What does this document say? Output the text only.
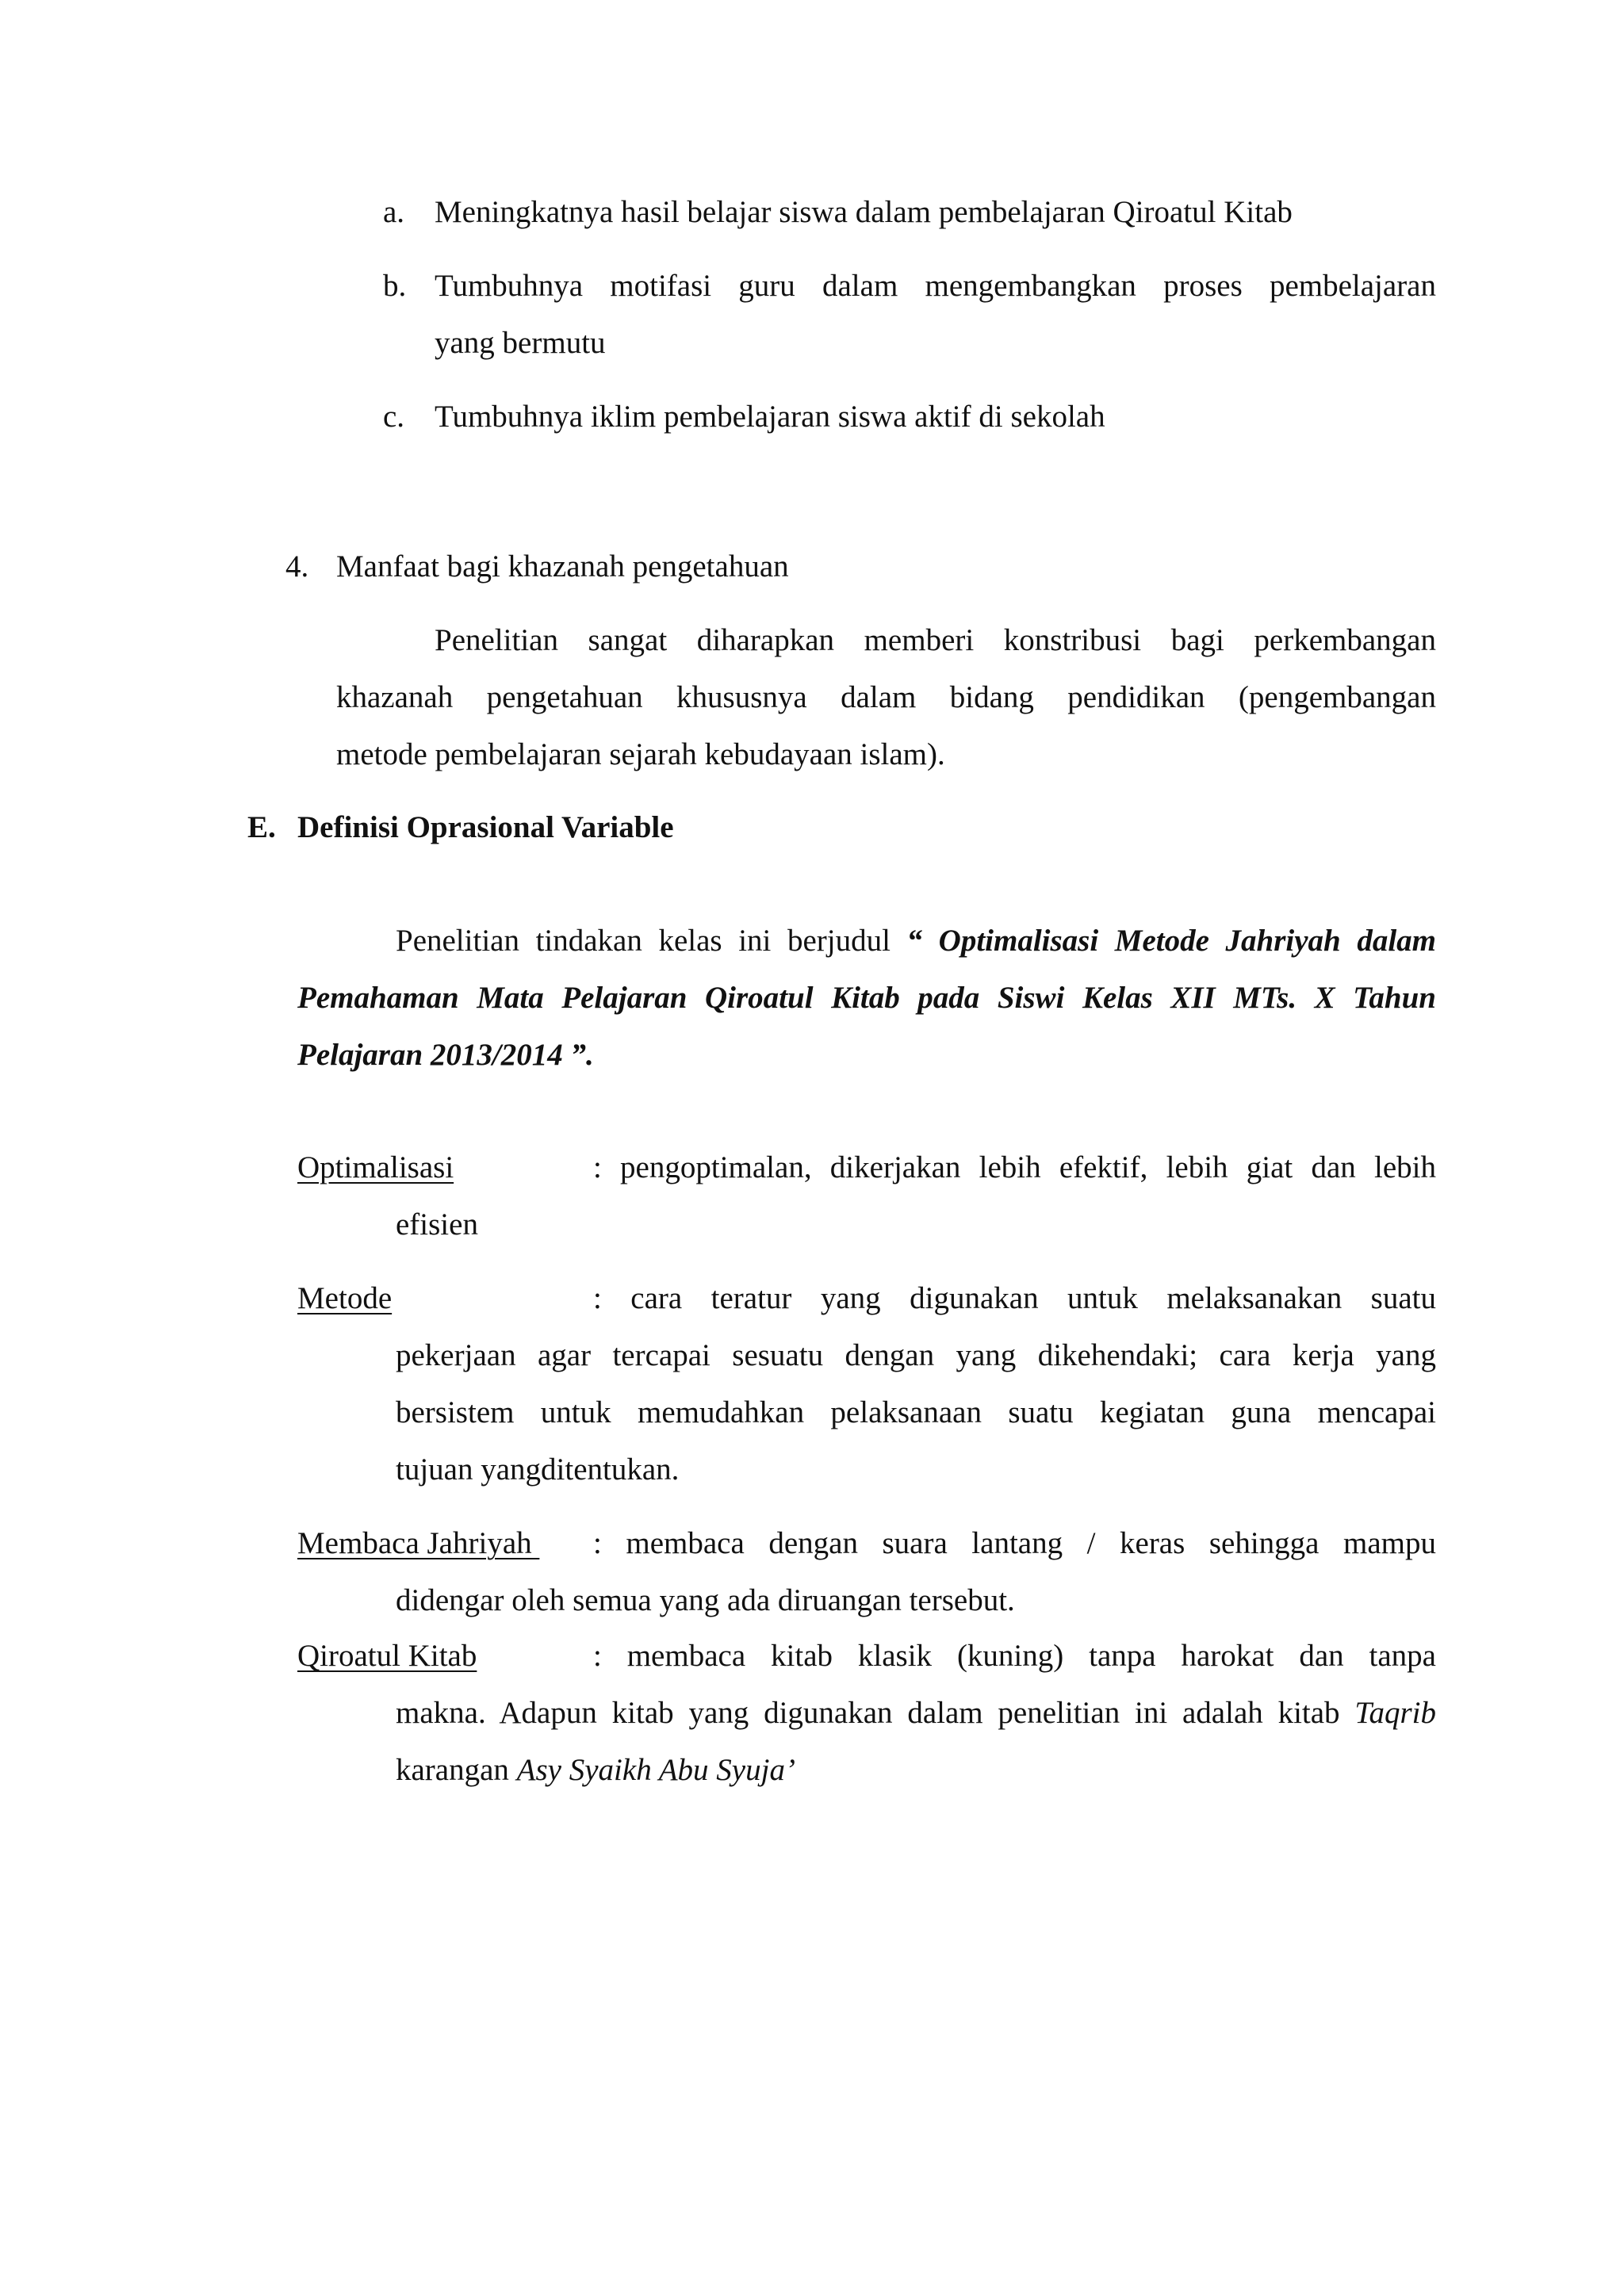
a. Meningkatnya hasil belajar siswa dalam pembelajaran Qiroatul Kitab
b. Tumbuhnya motifasi guru dalam mengembangkan proses pembelajaran
yang bermutu
c. Tumbuhnya iklim pembelajaran siswa aktif di sekolah
4. Manfaat bagi khazanah pengetahuan
Penelitian sangat diharapkan memberi konstribusi bagi perkembangan
khazanah pengetahuan khususnya dalam bidang pendidikan (pengembangan
metode pembelajaran sejarah kebudayaan islam).
E. Definisi Oprasional Variable
Penelitian tindakan kelas ini berjudul “ Optimalisasi Metode Jahriyah dalam
Pemahaman Mata Pelajaran Qiroatul Kitab pada Siswi Kelas XII MTs. X Tahun
Pelajaran 2013/2014 ”.
Optimalisasi	: pengoptimalan, dikerjakan lebih efektif, lebih giat dan lebih
efisien
Metode	: cara teratur yang digunakan untuk melaksanakan suatu
pekerjaan agar tercapai sesuatu dengan yang dikehendaki; cara kerja yang
bersistem untuk memudahkan pelaksanaan suatu kegiatan guna mencapai
tujuan yangditentukan.
Membaca Jahriyah : membaca dengan suara lantang / keras sehingga mampu
didengar oleh semua yang ada diruangan tersebut.
Qiroatul Kitab	: membaca kitab klasik (kuning) tanpa harokat dan tanpa
makna. Adapun kitab yang digunakan dalam penelitian ini adalah kitab Taqrib
karangan Asy Syaikh Abu Syuja’
